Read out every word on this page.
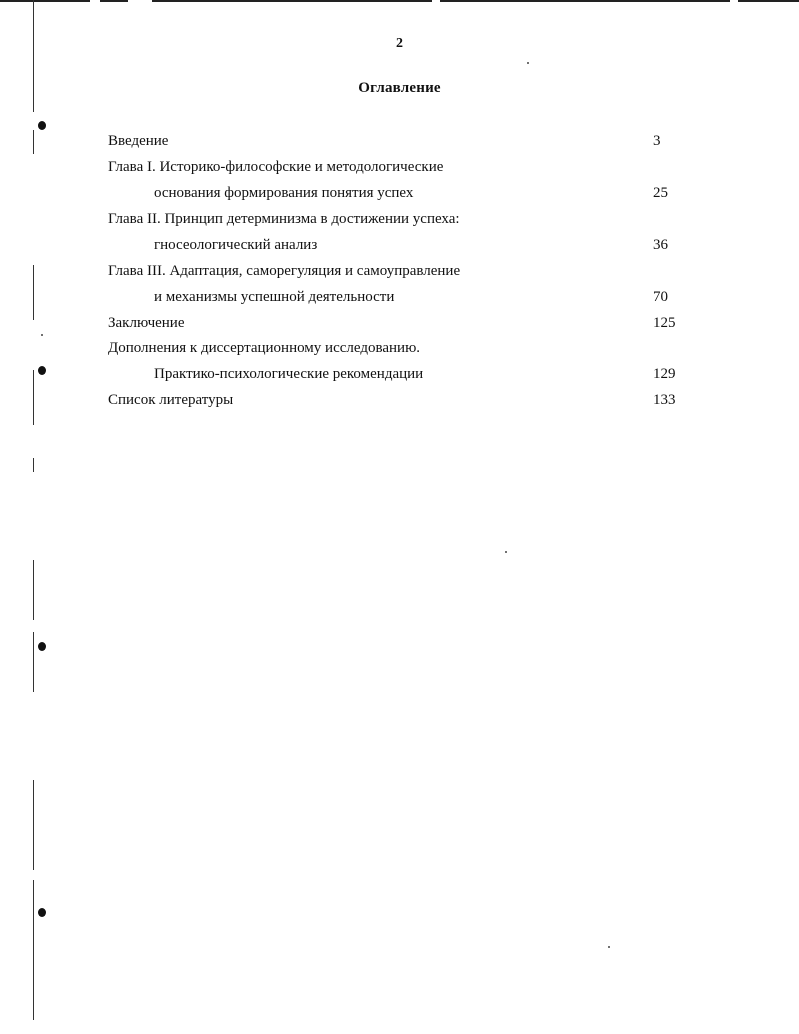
2
Оглавление
Введение	3
Глава I. Историко-философские и методологические
основания формирования понятия успех	25
Глава II. Принцип детерминизма в достижении успеха:
гносеологический анализ	36
Глава III. Адаптация, саморегуляция и самоуправление
и механизмы успешной деятельности	70
Заключение	125
Дополнения к диссертационному исследованию.
Практико-психологические рекомендации	129
Список литературы	133
